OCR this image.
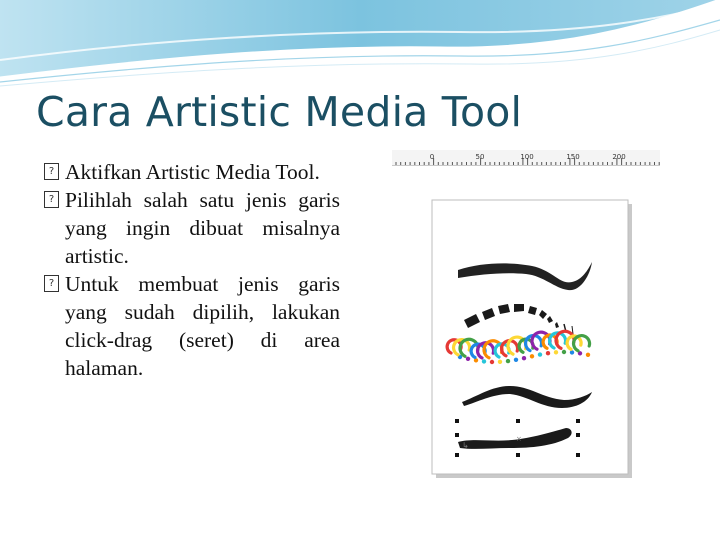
Cara Artistic Media Tool
? Aktifkan Artistic Media Tool.
? Pilihlah salah satu jenis garis yang ingin dibuat misalnya artistic.
? Untuk membuat jenis garis yang sudah dipilih, lakukan click-drag (seret) di area halaman.
0	50	100	150	200
↳
×
